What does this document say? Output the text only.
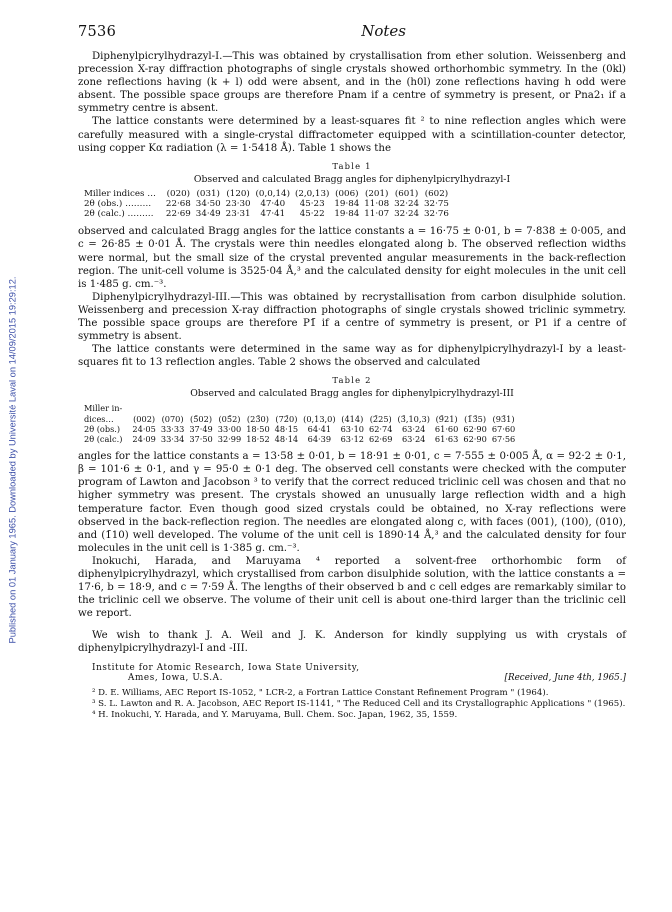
Published on 01 January 1965. Downloaded by Université Laval on 14/09/2015 19:29:12.
7536	Notes

Diphenylpicrylhydrazyl-I.—This was obtained by crystallisation from ether solution. Weissenberg and precession X-ray diffraction photographs of single crystals showed orthorhombic symmetry. In the (0kl) zone reflections having (k + l) odd were absent, and in the (h0l) zone reflections having h odd were absent. The possible space groups are therefore Pnam if a centre of symmetry is present, or Pna2₁ if a symmetry centre is absent.

The lattice constants were determined by a least-squares fit ² to nine reflection angles which were carefully measured with a single-crystal diffractometer equipped with a scintillation-counter detector, using copper Kα radiation (λ = 1·5418 Å). Table 1 shows the

Table 1
Observed and calculated Bragg angles for diphenylpicrylhydrazyl-I
Miller indices …	(020)	(031)	(120)	(0,0,14)	(2,0,13)	(006)	(201)	(601)	(602)
2θ (obs.) ………	22·68	34·50	23·30	47·40	45·23	19·84	11·08	32·24	32·75
2θ (calc.) ………	22·69	34·49	23·31	47·41	45·22	19·84	11·07	32·24	32·76

observed and calculated Bragg angles for the lattice constants a = 16·75 ± 0·01, b = 7·838 ± 0·005, and c = 26·85 ± 0·01 Å. The crystals were thin needles elongated along b. The observed reflection widths were normal, but the small size of the crystal prevented angular measurements in the back-reflection region. The unit-cell volume is 3525·04 Å,³ and the calculated density for eight molecules in the unit cell is 1·485 g. cm.⁻³.

Diphenylpicrylhydrazyl-III.—This was obtained by recrystallisation from carbon disulphide solution. Weissenberg and precession X-ray diffraction photographs of single crystals showed triclinic symmetry. The possible space groups are therefore P1̄ if a centre of symmetry is present, or P1 if a centre of symmetry is absent.

The lattice constants were determined in the same way as for diphenylpicrylhydrazyl-I by a least-squares fit to 13 reflection angles. Table 2 shows the observed and calculated

Table 2
Observed and calculated Bragg angles for diphenylpicrylhydrazyl-III
Miller in-													
dices…	(002)	(070)	(5̄02)	(05̄2)	(23̄0)	(72̄0)	(0,13,0)	(414)	(2̄25)	(3̄,10,3)	(9̄21)	(1̄3̄5)	(93̄1)
2θ (obs.)	24·05	33·33	37·49	33·00	18·50	48·15	64·41	63·10	62·74	63·24	61·60	62·90	67·60
2θ (calc.)	24·09	33·34	37·50	32·99	18·52	48·14	64·39	63·12	62·69	63·24	61·63	62·90	67·56

angles for the lattice constants a = 13·58 ± 0·01, b = 18·91 ± 0·01, c = 7·555 ± 0·005 Å, α = 92·2 ± 0·1, β = 101·6 ± 0·1, and γ = 95·0 ± 0·1 deg. The observed cell constants were checked with the computer program of Lawton and Jacobson ³ to verify that the correct reduced triclinic cell was chosen and that no higher symmetry was present. The crystals showed an unusually large reflection width and a high temperature factor. Even though good sized crystals could be obtained, no X-ray reflections were observed in the back-reflection region. The needles are elongated along c, with faces (001), (100), (010), and (1̄10) well developed. The volume of the unit cell is 1890·14 Å,³ and the calculated density for four molecules in the unit cell is 1·385 g. cm.⁻³.

Inokuchi, Harada, and Maruyama ⁴ reported a solvent-free orthorhombic form of diphenylpicrylhydrazyl, which crystallised from carbon disulphide solution, with the lattice constants a = 17·6, b = 18·9, and c = 7·59 Å. The lengths of their observed b and c cell edges are remarkably similar to the triclinic cell we observe. The volume of their unit cell is about one-third larger than the triclinic cell we report.

We wish to thank J. A. Weil and J. K. Anderson for kindly supplying us with crystals of diphenylpicrylhydrazyl-I and -III.

Institute for Atomic Research, Iowa State University,
Ames, Iowa, U.S.A.	[Received, June 4th, 1965.]

² D. E. Williams, AEC Report IS-1052, " LCR-2, a Fortran Lattice Constant Refinement Program " (1964).

³ S. L. Lawton and R. A. Jacobson, AEC Report IS-1141, " The Reduced Cell and its Crystallographic Applications " (1965).

⁴ H. Inokuchi, Y. Harada, and Y. Maruyama, Bull. Chem. Soc. Japan, 1962, 35, 1559.
